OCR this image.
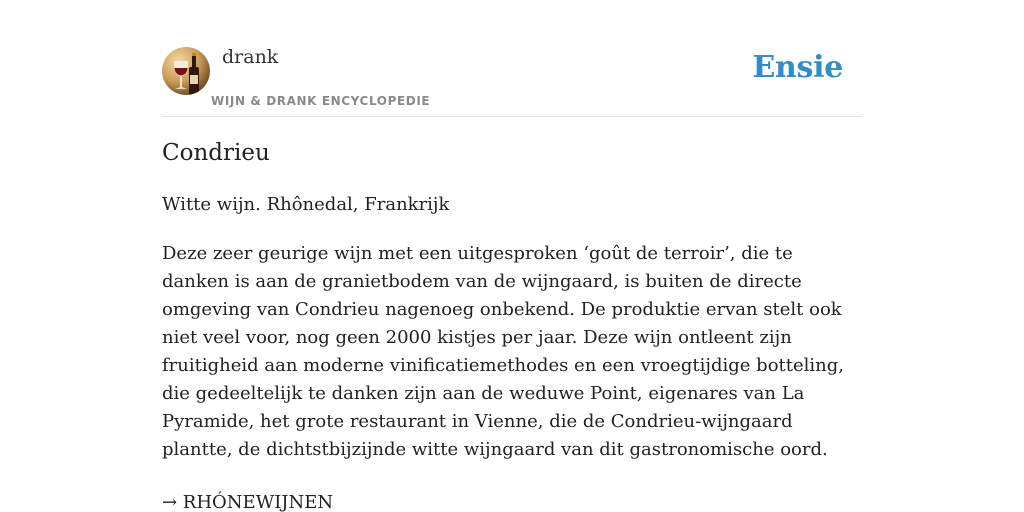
drank
WIJN & DRANK ENCYCLOPEDIE
Ensie
Condrieu

Witte wijn. Rhônedal, Frankrijk

Deze zeer geurige wijn met een uitgesproken ‘goût de terroir’, die te danken is aan de granietbodem van de wijngaard, is buiten de directe omgeving van Condrieu nagenoeg onbekend. De produktie ervan stelt ook niet veel voor, nog geen 2000 kistjes per jaar. Deze wijn ontleent zijn fruitigheid aan moderne vinificatiemethodes en een vroegtijdige botteling, die gedeeltelijk te danken zijn aan de weduwe Point, eigenares van La Pyramide, het grote restaurant in Vienne, die de Condrieu-wijngaard plantte, de dichtstbijzijnde witte wijngaard van dit gastronomische oord.

→ RHÓNEWIJNEN
